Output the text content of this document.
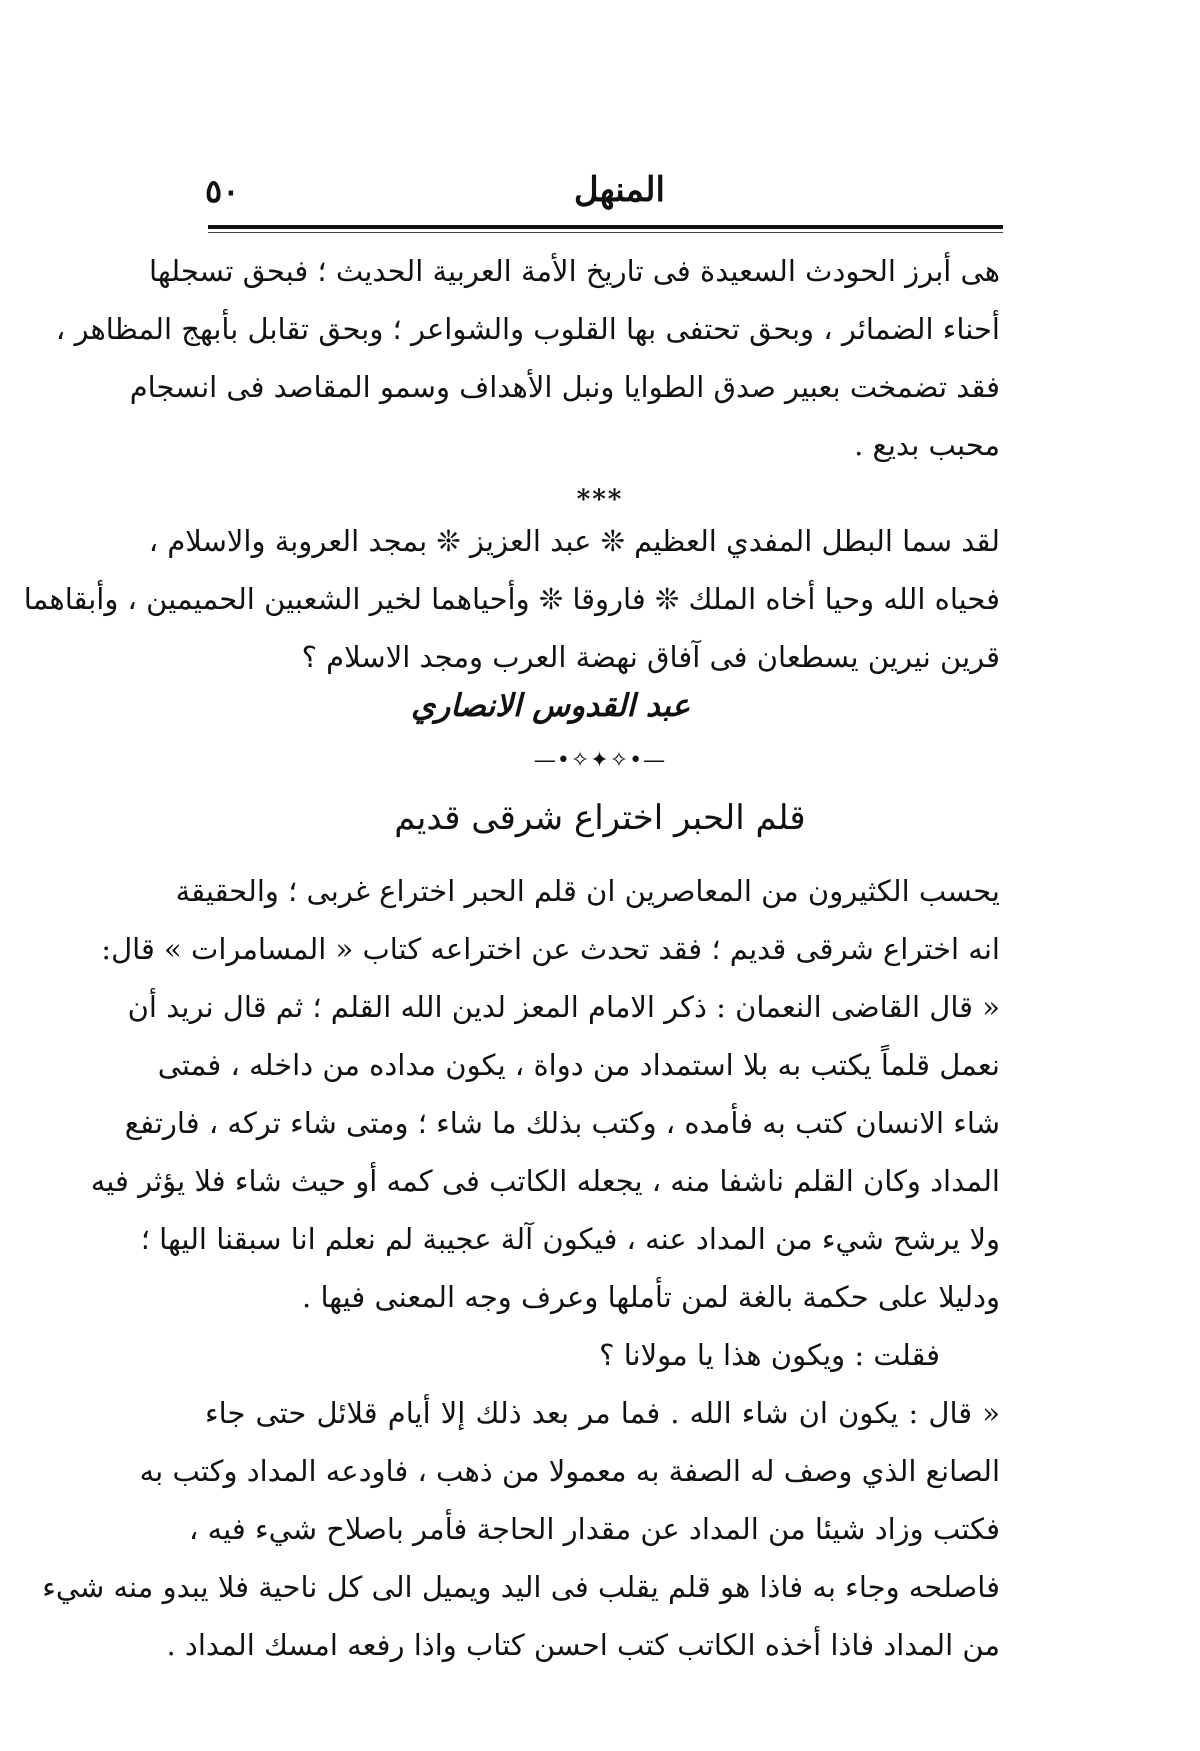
المنهل
٥٠
هى أبرز الحودث السعيدة فى تاريخ الأمة العربية الحديث ؛ فبحق تسجلها
أحناء الضمائر ، وبحق تحتفى بها القلوب والشواعر ؛ وبحق تقابل بأبهج المظاهر ،
فقد تضمخت بعبير صدق الطوايا ونبل الأهداف وسمو المقاصد فى انسجام
محبب بديع .
***
لقد سما البطل المفدي العظيم ❊ عبد العزيز ❊ بمجد العروبة والاسلام ،
فحياه الله وحيا أخاه الملك ❊ فاروقا ❊ وأحياهما لخير الشعبين الحميمين ، وأبقاهما
قرين نيرين يسطعان فى آفاق نهضة العرب ومجد الاسلام ؟
عبد القدوس الانصاري
—•✧✦✧•—
قلم الحبر اختراع شرقى قديم
يحسب الكثيرون من المعاصرين ان قلم الحبر اختراع غربى ؛ والحقيقة
انه اختراع شرقى قديم ؛ فقد تحدث عن اختراعه كتاب « المسامرات » قال:
« قال القاضى النعمان : ذكر الامام المعز لدين الله القلم ؛ ثم قال نريد أن
نعمل قلماً يكتب به بلا استمداد من دواة ، يكون مداده من داخله ، فمتى
شاء الانسان كتب به فأمده ، وكتب بذلك ما شاء ؛ ومتى شاء تركه ، فارتفع
المداد وكان القلم ناشفا منه ، يجعله الكاتب فى كمه أو حيث شاء فلا يؤثر فيه
ولا يرشح شيء من المداد عنه ، فيكون آلة عجيبة لم نعلم انا سبقنا اليها ؛
ودليلا على حكمة بالغة لمن تأملها وعرف وجه المعنى فيها .
فقلت : ويكون هذا يا مولانا ؟
« قال : يكون ان شاء الله . فما مر بعد ذلك إلا أيام قلائل حتى جاء
الصانع الذي وصف له الصفة به معمولا من ذهب ، فاودعه المداد وكتب به
فكتب وزاد شيئا من المداد عن مقدار الحاجة فأمر باصلاح شيء فيه ،
فاصلحه وجاء به فاذا هو قلم يقلب فى اليد ويميل الى كل ناحية فلا يبدو منه شيء
من المداد فاذا أخذه الكاتب كتب احسن كتاب واذا رفعه امسك المداد .
